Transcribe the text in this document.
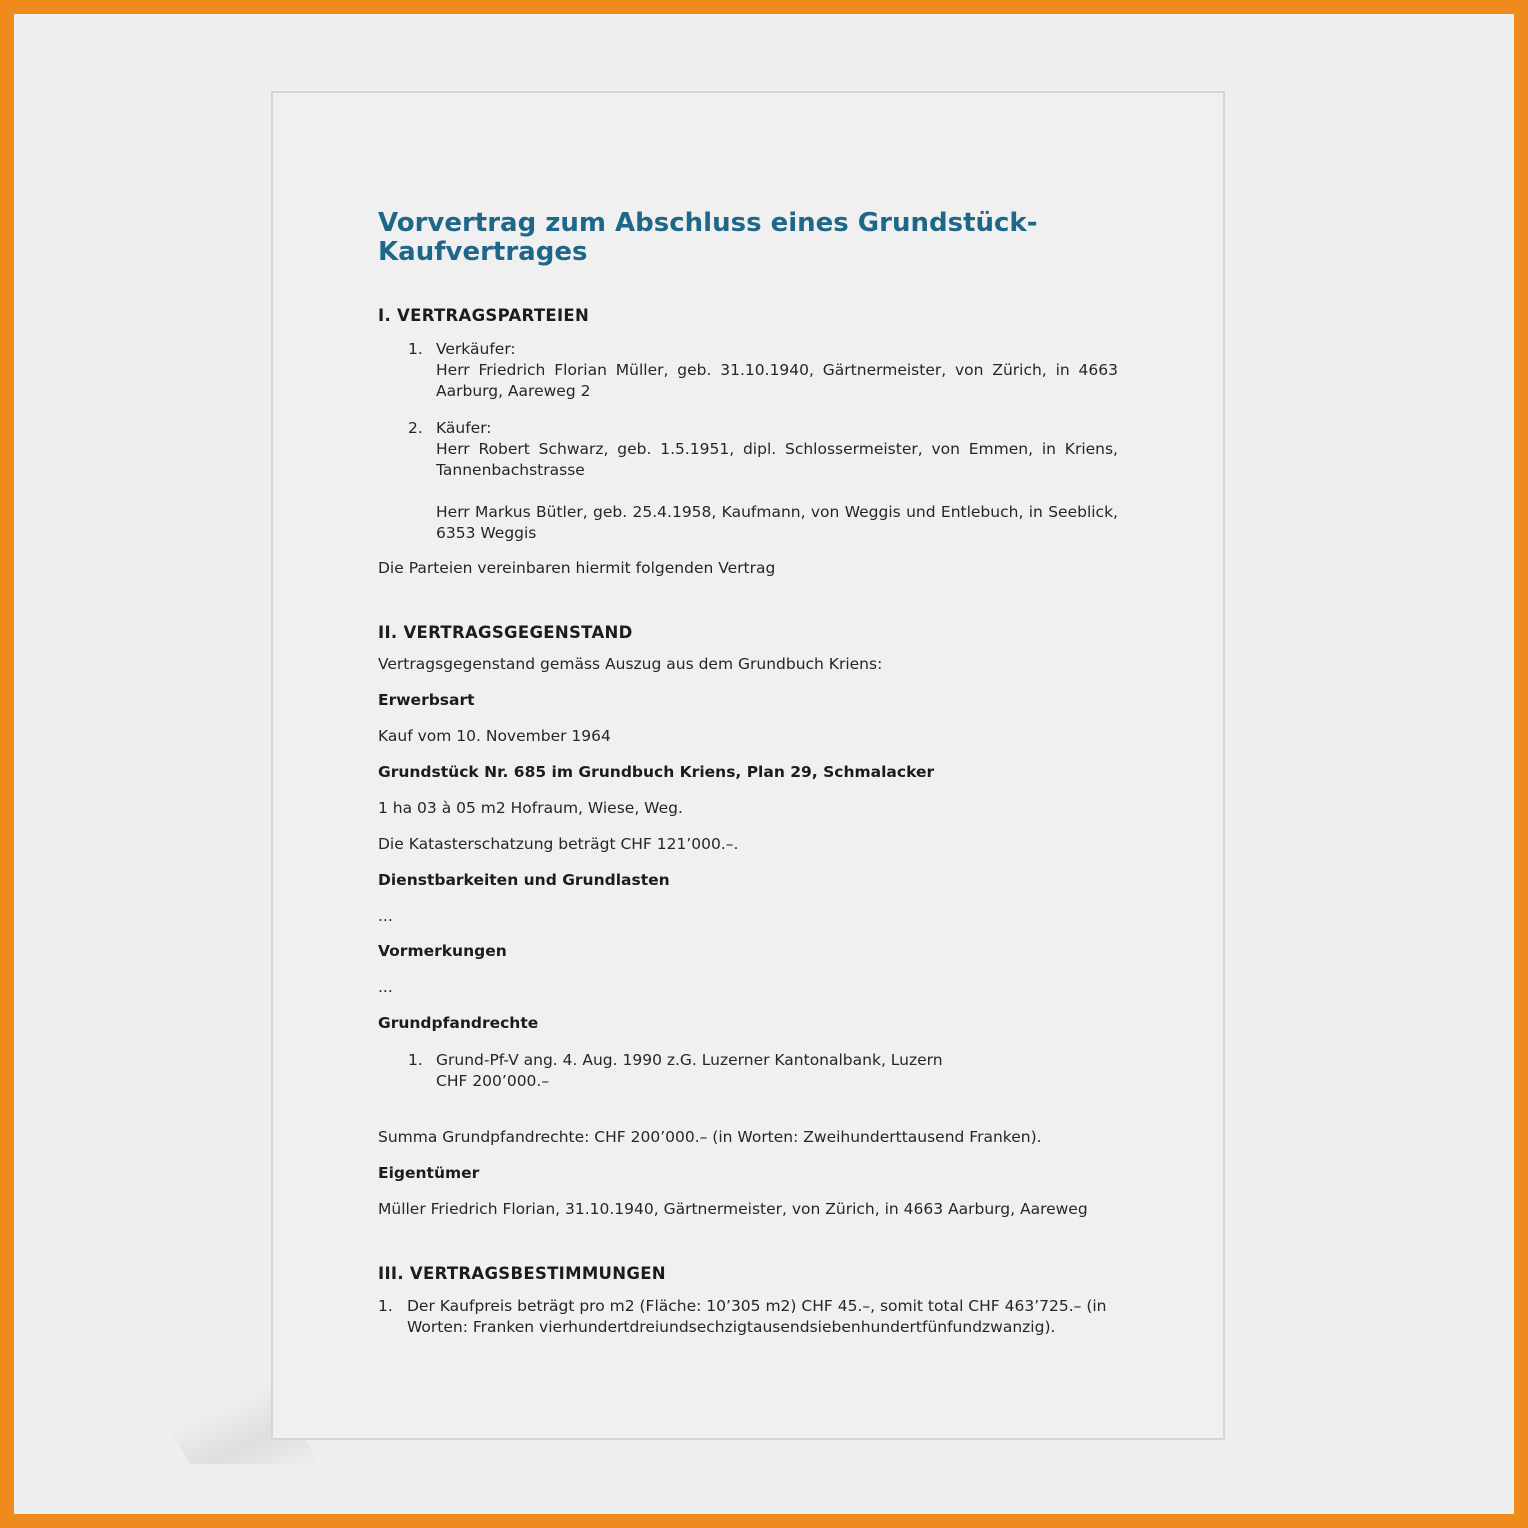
Vorvertrag zum Abschluss eines Grundstück-
Kaufvertrages
I. VERTRAGSPARTEIEN

1. Verkäufer:
Herr Friedrich Florian Müller, geb. 31.10.1940, Gärtnermeister, von Zürich, in 4663
Aarburg, Aareweg 2

2. Käufer:
Herr Robert Schwarz, geb. 1.5.1951, dipl. Schlossermeister, von Emmen, in Kriens,
Tannenbachstrasse
Herr Markus Bütler, geb. 25.4.1958, Kaufmann, von Weggis und Entlebuch, in Seeblick,
6353 Weggis

Die Parteien vereinbaren hiermit folgenden Vertrag

II. VERTRAGSGEGENSTAND

Vertragsgegenstand gemäss Auszug aus dem Grundbuch Kriens:

Erwerbsart

Kauf vom 10. November 1964

Grundstück Nr. 685 im Grundbuch Kriens, Plan 29, Schmalacker

1 ha 03 à 05 m2 Hofraum, Wiese, Weg.

Die Katasterschatzung beträgt CHF 121’000.–.

Dienstbarkeiten und Grundlasten

...

Vormerkungen

...

Grundpfandrechte

1. Grund-Pf-V ang. 4. Aug. 1990 z.G. Luzerner Kantonalbank, Luzern
CHF 200’000.–

Summa Grundpfandrechte: CHF 200’000.– (in Worten: Zweihunderttausend Franken).

Eigentümer

Müller Friedrich Florian, 31.10.1940, Gärtnermeister, von Zürich, in 4663 Aarburg, Aareweg

III. VERTRAGSBESTIMMUNGEN

1. Der Kaufpreis beträgt pro m2 (Fläche: 10’305 m2) CHF 45.–, somit total CHF 463’725.– (in
Worten: Franken vierhundertdreiundsechzigtausendsiebenhundertfünfundzwanzig).
